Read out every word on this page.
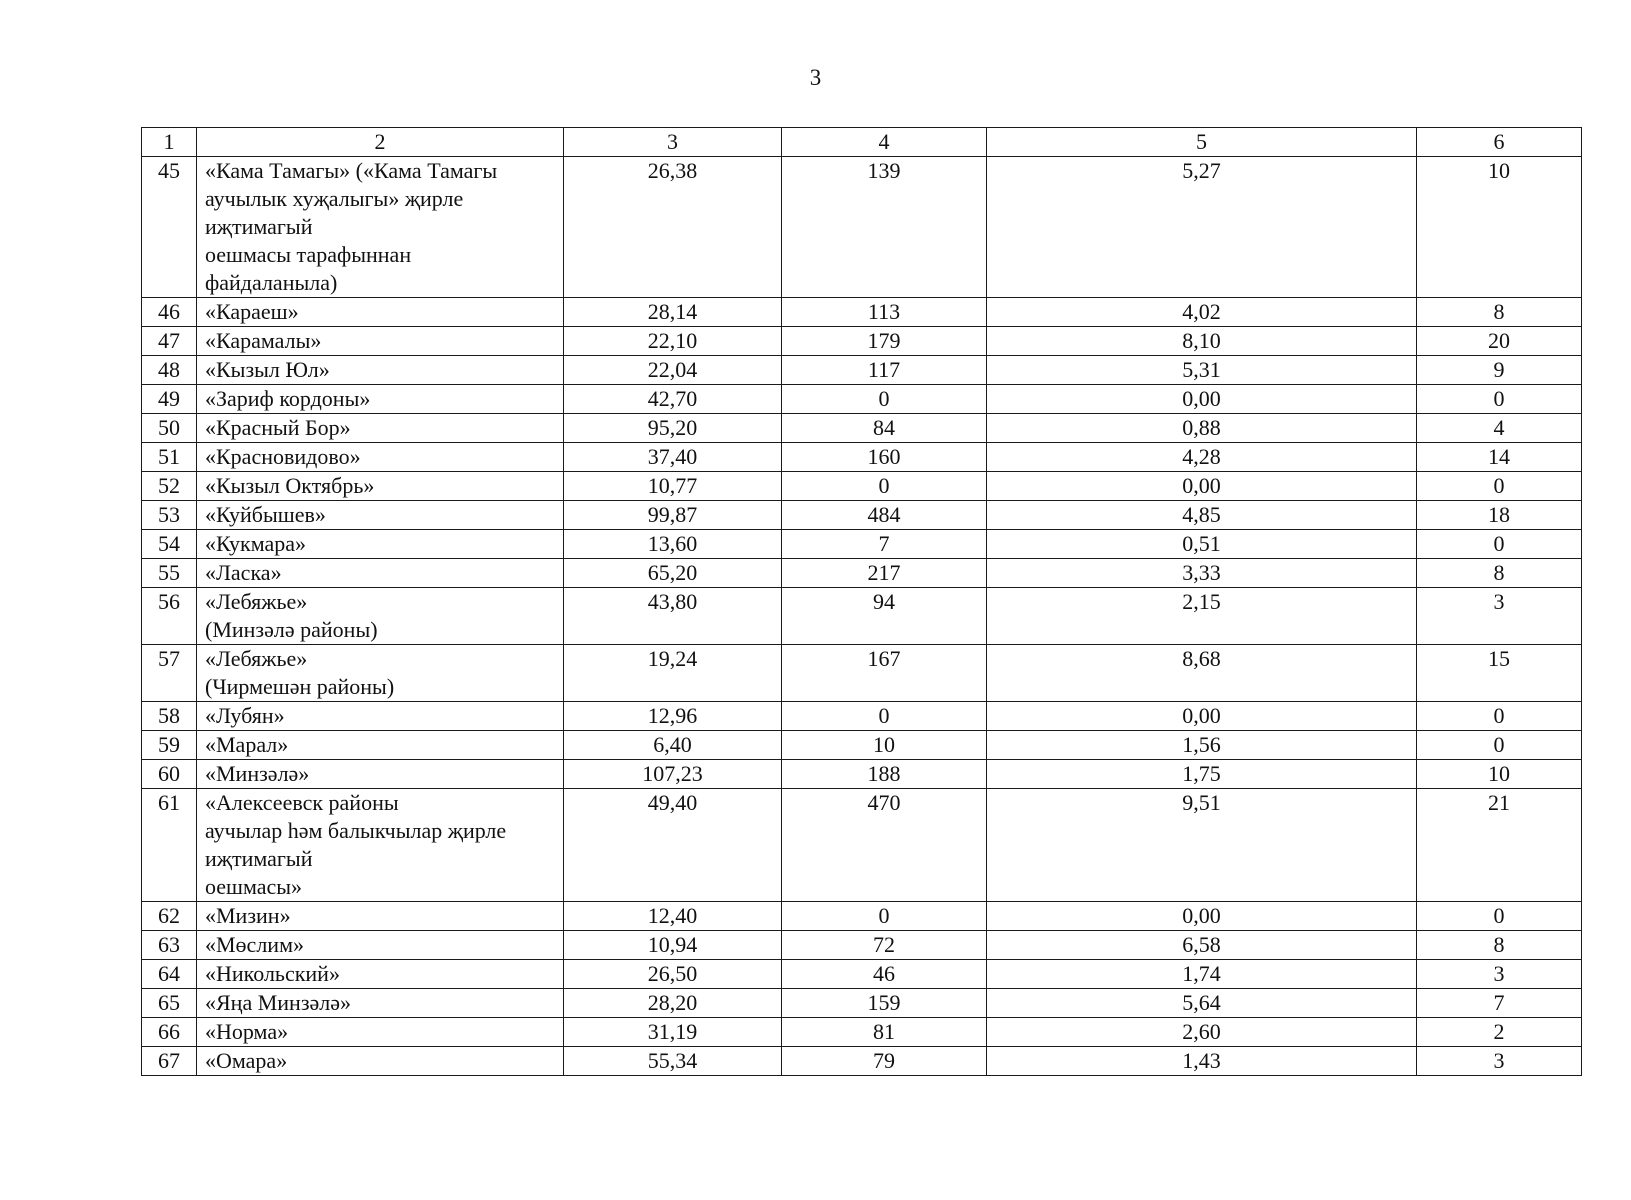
3
1	2	3	4	5	6
45	«Кама Тамагы» («Кама Тамагы
аучылык хуҗалыгы» җирле
иҗтимагый
оешмасы тарафыннан
файдаланыла)	26,38	139	5,27	10
46	«Караеш»	28,14	113	4,02	8
47	«Карамалы»	22,10	179	8,10	20
48	«Кызыл Юл»	22,04	117	5,31	9
49	«Зариф кордоны»	42,70	0	0,00	0
50	«Красный Бор»	95,20	84	0,88	4
51	«Красновидово»	37,40	160	4,28	14
52	«Кызыл Октябрь»	10,77	0	0,00	0
53	«Куйбышев»	99,87	484	4,85	18
54	«Кукмара»	13,60	7	0,51	0
55	«Ласка»	65,20	217	3,33	8
56	«Лебяжье»
(Минзәлә районы)	43,80	94	2,15	3
57	«Лебяжье»
(Чирмешән районы)	19,24	167	8,68	15
58	«Лубян»	12,96	0	0,00	0
59	«Марал»	6,40	10	1,56	0
60	«Минзәлә»	107,23	188	1,75	10
61	«Алексеевск районы
аучылар һәм балыкчылар җирле
иҗтимагый
оешмасы»	49,40	470	9,51	21
62	«Мизин»	12,40	0	0,00	0
63	«Мөслим»	10,94	72	6,58	8
64	«Никольский»	26,50	46	1,74	3
65	«Яңа Минзәлә»	28,20	159	5,64	7
66	«Норма»	31,19	81	2,60	2
67	«Омара»	55,34	79	1,43	3
